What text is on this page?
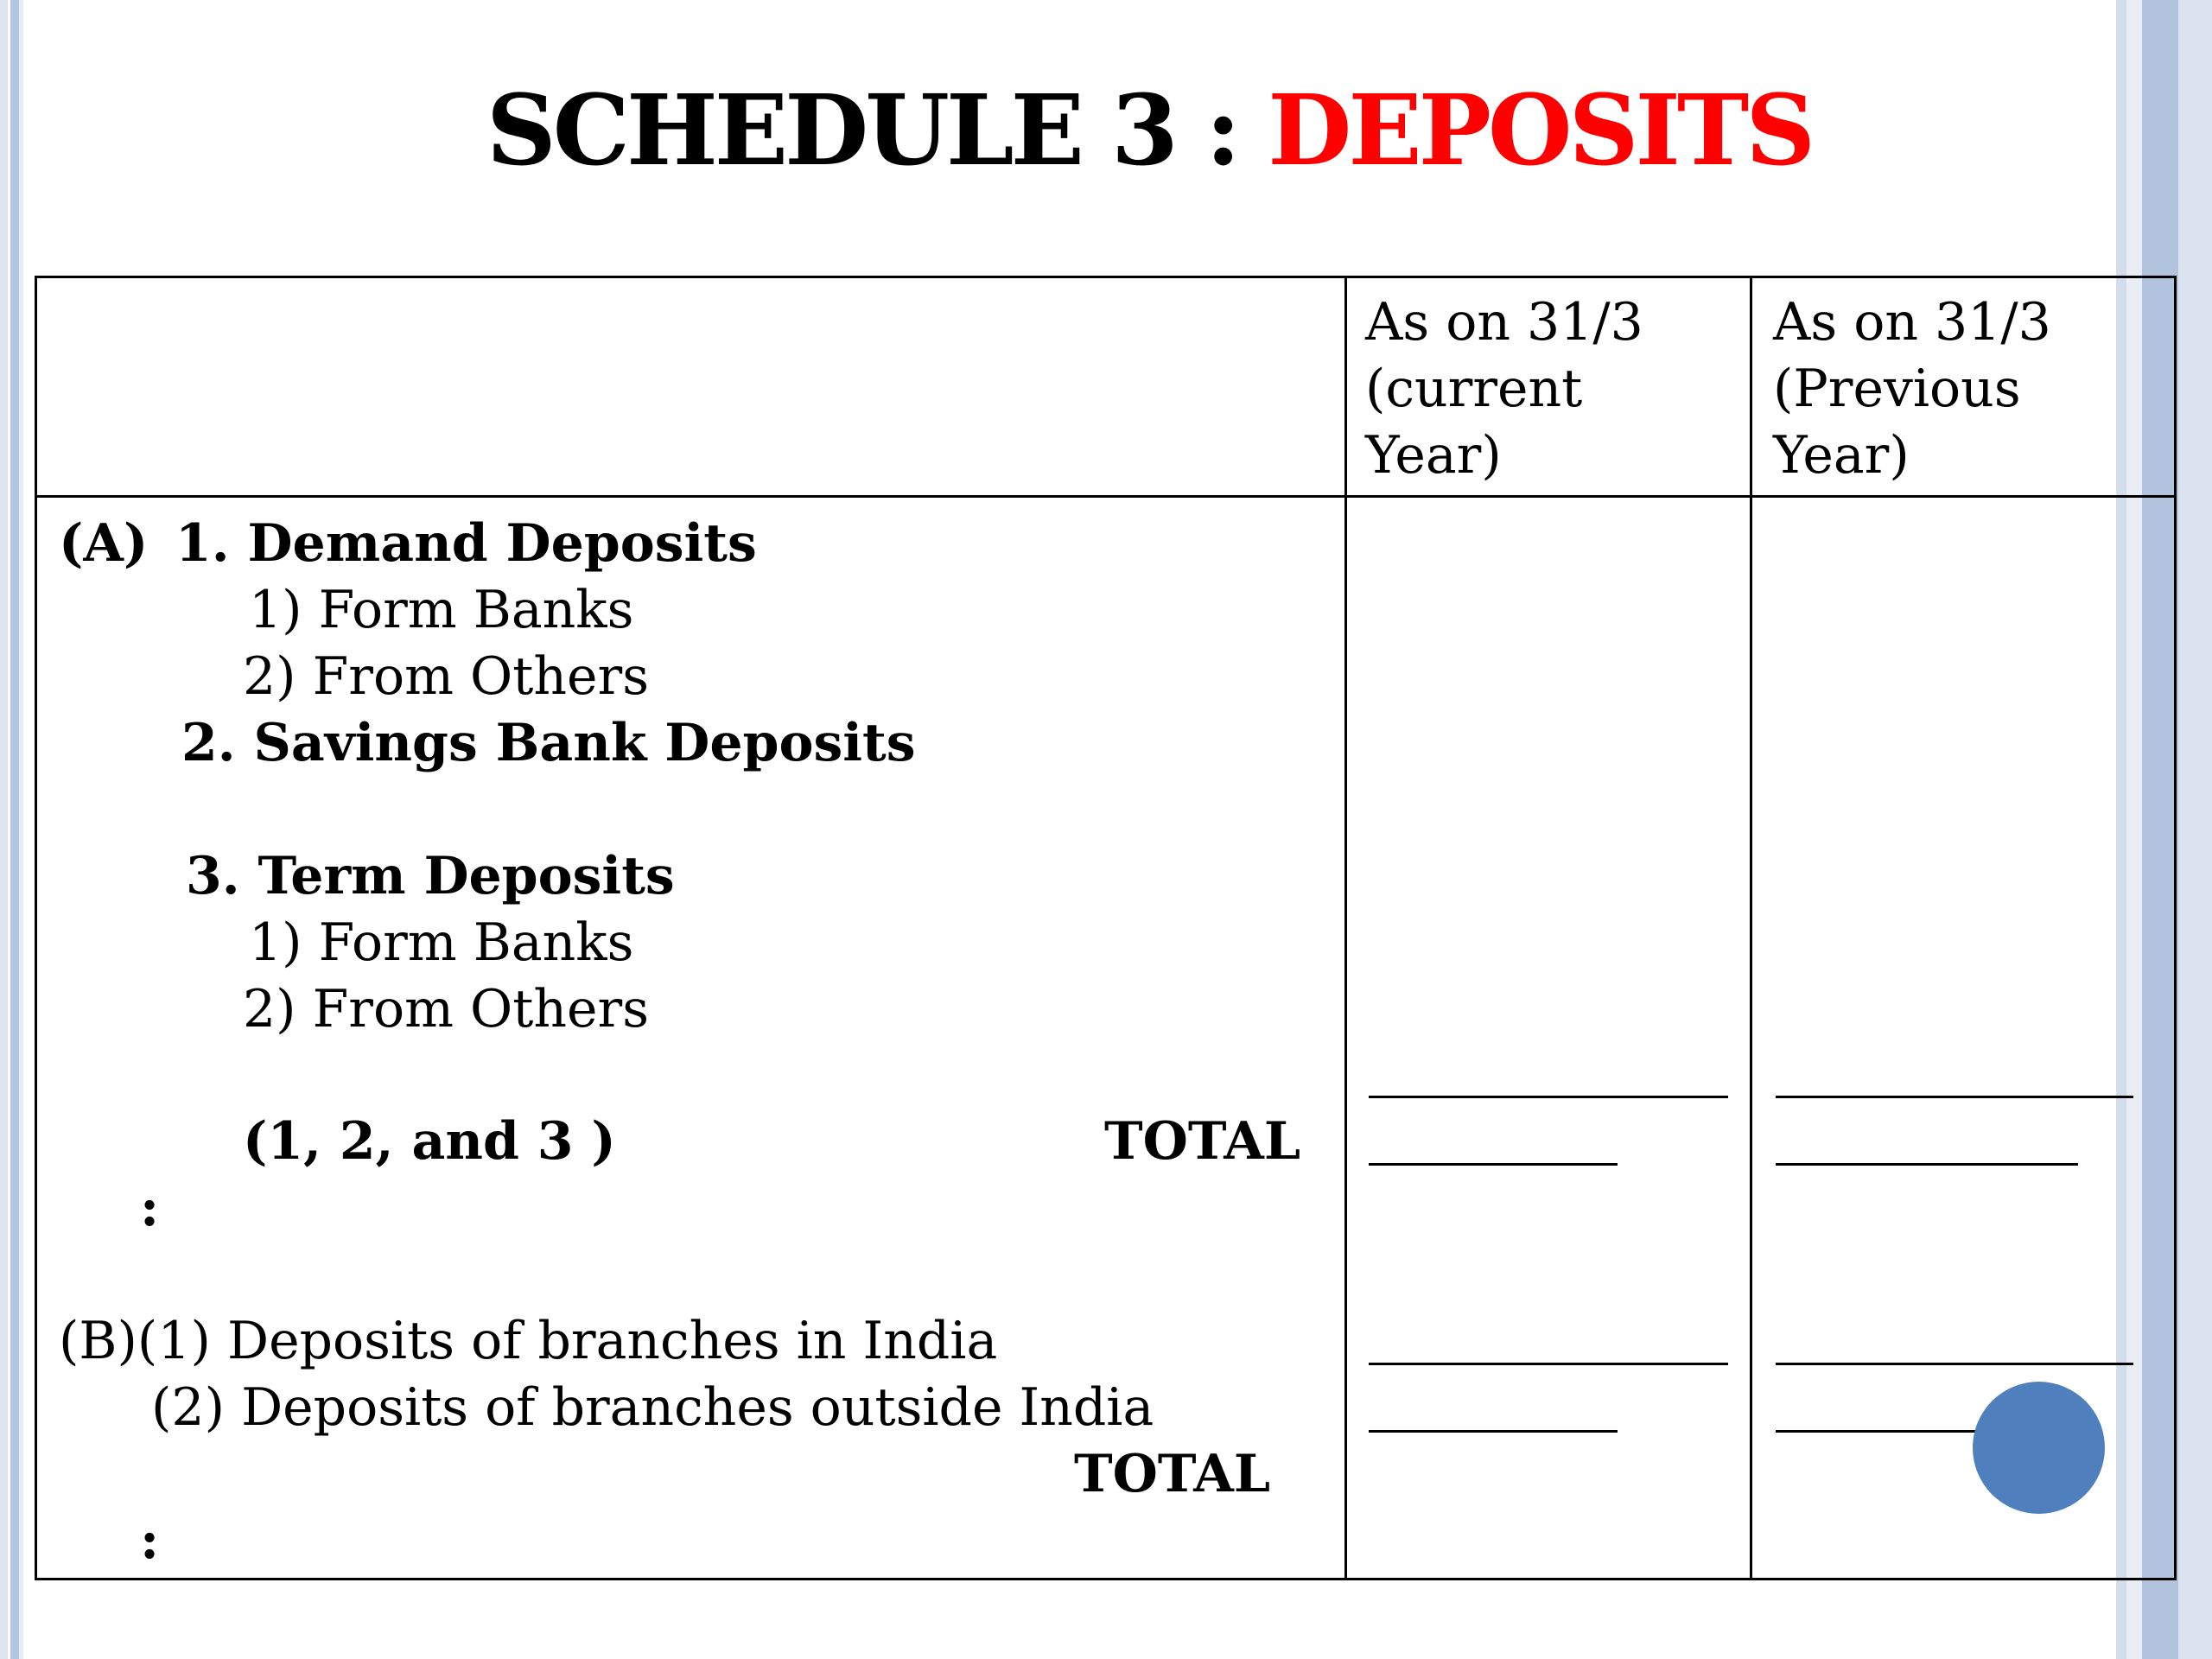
SCHEDULE 3 : DEPOSITS
As on 31/3
(current
Year)
As on 31/3
(Previous
Year)
(A) 1. Demand Deposits
1) Form Banks
2) From Others
2. Savings Bank Deposits
3. Term Deposits
1) Form Banks
2) From Others
(1, 2, and 3 )	TOTAL
:
(B)(1) Deposits of branches in India
(2) Deposits of branches outside India
TOTAL
:
